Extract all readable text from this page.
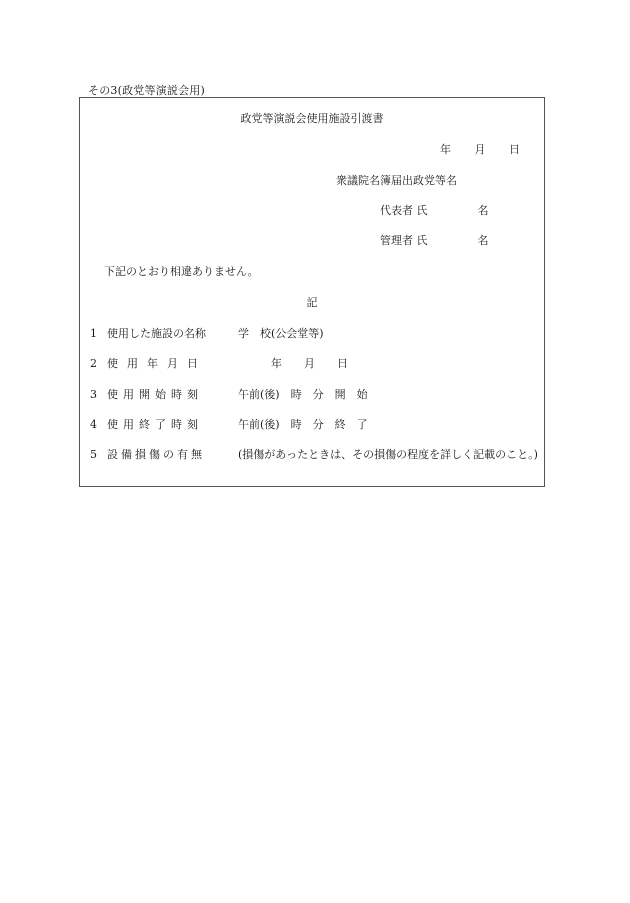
その3(政党等演説会用)
政党等演説会使用施設引渡書
年 月 日
衆議院名簿届出政党等名
代表者 氏	名
管理者 氏	名
下記のとおり相違ありません。
記
1 使用した施設の名称	学　校(公会堂等)
2 使用年月日	　　　年　　月　　日
3 使用開始時刻	午前(後)　時　分　開　始
4 使用終了時刻	午前(後)　時　分　終　了
5 設備損傷の有無	(損傷があったときは、その損傷の程度を詳しく記載のこと。)
